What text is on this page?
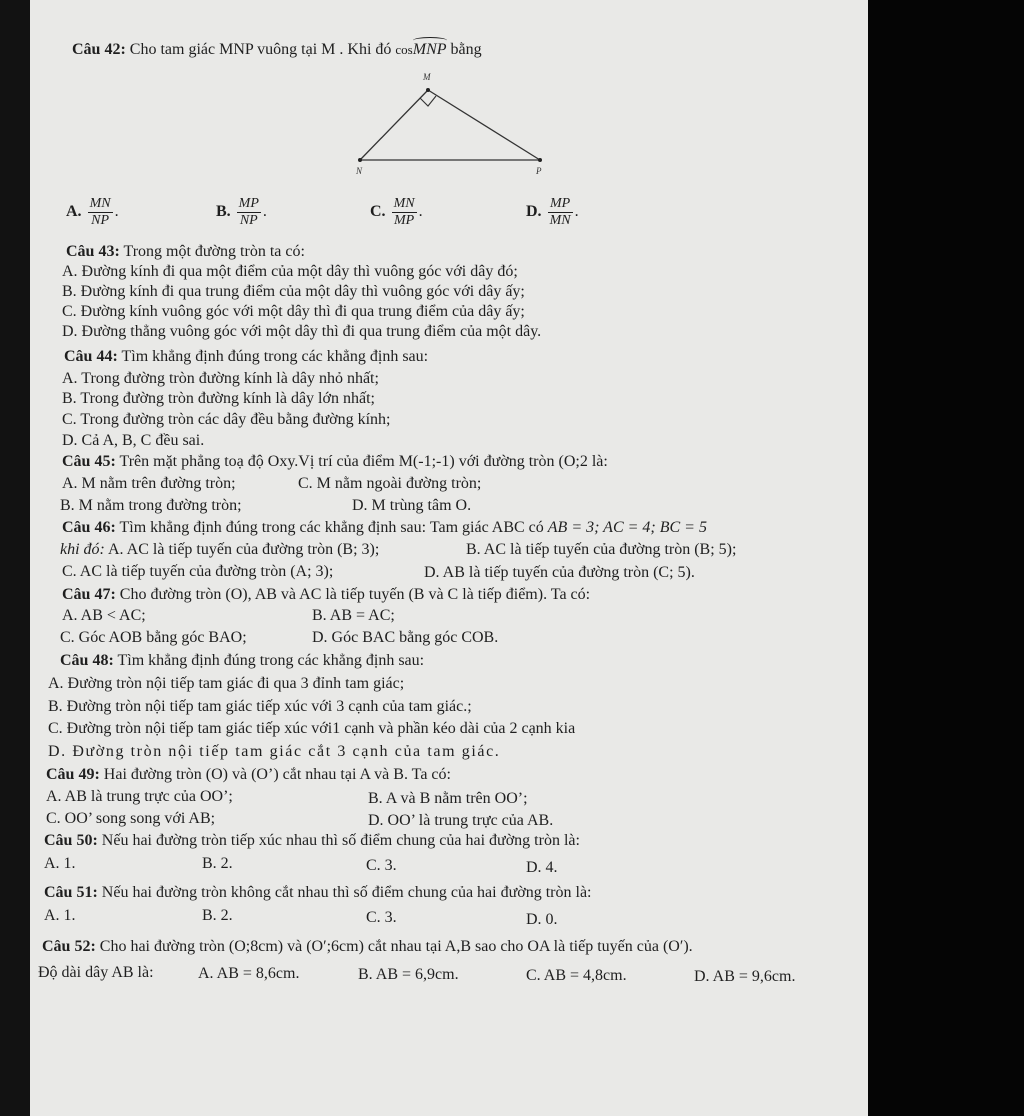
Câu 42: Cho tam giác MNP vuông tại M . Khi đó cosMNP bằng
M
N	P
A. $\frac{MN}{NP}$ .	B. $\frac{MP}{NP}$ .	C. $\frac{MN}{MP}$ .	D. $\frac{MP}{MN}$ .
Câu 43: Trong một đường tròn ta có:
A. Đường kính đi qua một điểm của một dây thì vuông góc với dây đó;
B. Đường kính đi qua trung điểm của một dây thì vuông góc với dây ấy;
C. Đường kính vuông góc với một dây thì đi qua trung điểm của dây ấy;
D. Đường thẳng vuông góc với một dây thì đi qua trung điểm của một dây.
Câu 44: Tìm khẳng định đúng trong các khẳng định sau:
A. Trong đường tròn đường kính là dây nhỏ nhất;
B. Trong đường tròn đường kính là dây lớn nhất;
C. Trong đường tròn các dây đều bằng đường kính;
D. Cả A, B, C đều sai.
Câu 45: Trên mặt phẳng toạ độ Oxy.Vị trí của điểm M(-1;-1) với đường tròn (O;2 là:
A. M nằm trên đường tròn;	C. M nằm ngoài đường tròn;
B. M nằm trong đường tròn;	D. M trùng tâm O.
Câu 46: Tìm khẳng định đúng trong các khẳng định sau: Tam giác ABC có AB = 3; AC = 4; BC = 5
khi đó: A. AC là tiếp tuyến của đường tròn (B; 3);	B. AC là tiếp tuyến của đường tròn (B; 5);
C. AC là tiếp tuyến của đường tròn (A; 3);	D. AB là tiếp tuyến của đường tròn (C; 5).
Câu 47: Cho đường tròn (O), AB và AC là tiếp tuyến (B và C là tiếp điểm). Ta có:
A. AB < AC;	B. AB = AC;
C. Góc AOB bằng góc BAO;	D. Góc BAC bằng góc COB.
Câu 48: Tìm khẳng định đúng trong các khẳng định sau:
A. Đường tròn nội tiếp tam giác đi qua 3 đỉnh tam giác;
B. Đường tròn nội tiếp tam giác tiếp xúc với 3 cạnh của tam giác.;
C. Đường tròn nội tiếp tam giác tiếp xúc với1 cạnh và phần kéo dài của 2 cạnh kia
D. Đường tròn nội tiếp tam giác cắt 3 cạnh của tam giác.
Câu 49: Hai đường tròn (O) và (O’) cắt nhau tại A và B. Ta có:
A. AB là trung trực của OO’;	B. A và B nằm trên OO’;
C. OO’ song song với AB;	D. OO’ là trung trực của AB.
Câu 50: Nếu hai đường tròn tiếp xúc nhau thì số điểm chung của hai đường tròn là:
A. 1.	B. 2.	C. 3.	D. 4.
Câu 51: Nếu hai đường tròn không cắt nhau thì số điểm chung của hai đường tròn là:
A. 1.	B. 2.	C. 3.	D. 0.
Câu 52: Cho hai đường tròn (O;8cm) và (O′;6cm) cắt nhau tại A,B sao cho OA là tiếp tuyến của (O′).
Độ dài dây AB là:	A. AB = 8,6cm.	B. AB = 6,9cm.	C. AB = 4,8cm.	D. AB = 9,6cm.
